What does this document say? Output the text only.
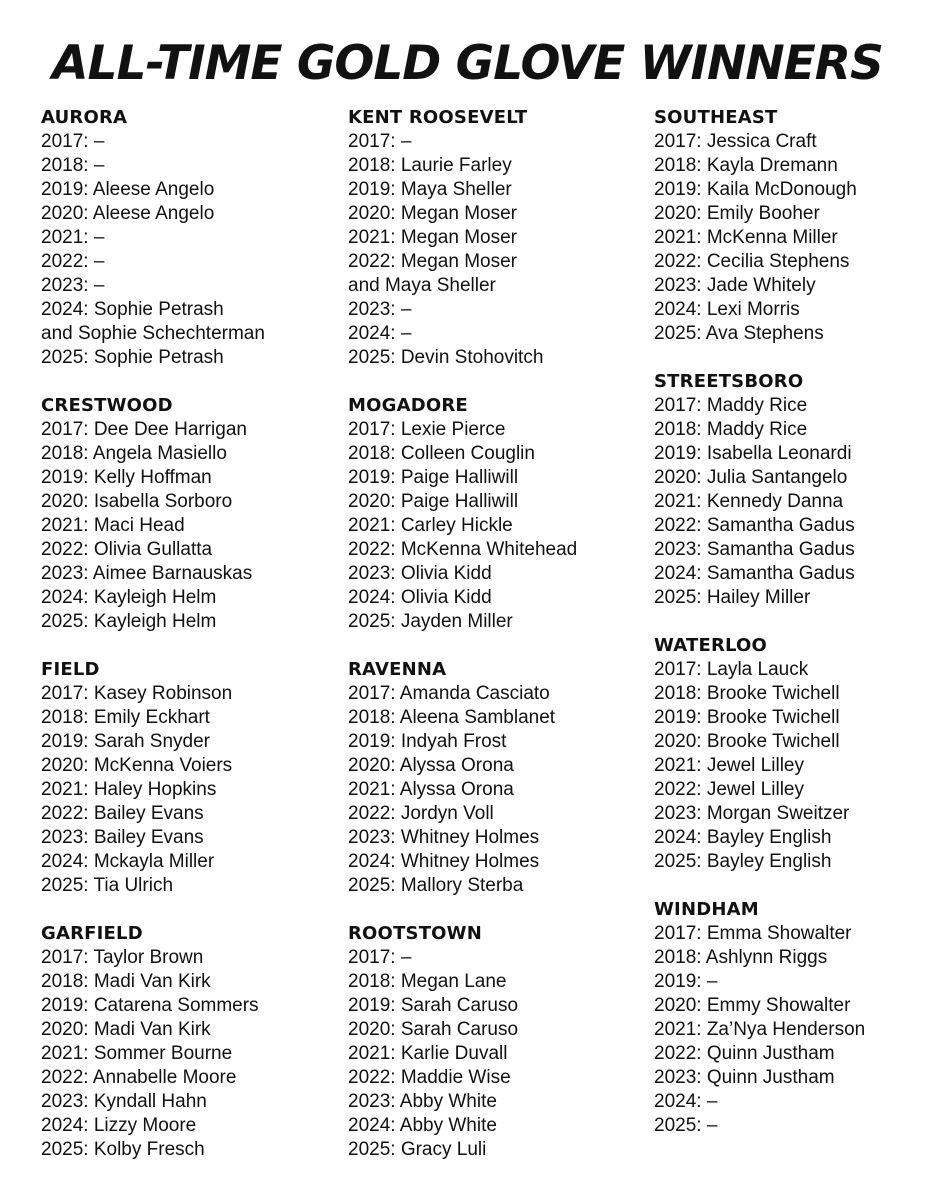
ALL-TIME GOLD GLOVE WINNERS
AURORA
2017: –
2018: –
2019: Aleese Angelo
2020: Aleese Angelo
2021: –
2022: –
2023: –
2024: Sophie Petrash
and Sophie Schechterman
2025: Sophie Petrash
CRESTWOOD
2017: Dee Dee Harrigan
2018: Angela Masiello
2019: Kelly Hoffman
2020: Isabella Sorboro
2021: Maci Head
2022: Olivia Gullatta
2023: Aimee Barnauskas
2024: Kayleigh Helm
2025: Kayleigh Helm
FIELD
2017: Kasey Robinson
2018: Emily Eckhart
2019: Sarah Snyder
2020: McKenna Voiers
2021: Haley Hopkins
2022: Bailey Evans
2023: Bailey Evans
2024: Mckayla Miller
2025: Tia Ulrich
GARFIELD
2017: Taylor Brown
2018: Madi Van Kirk
2019: Catarena Sommers
2020: Madi Van Kirk
2021: Sommer Bourne
2022: Annabelle Moore
2023: Kyndall Hahn
2024: Lizzy Moore
2025: Kolby Fresch
KENT ROOSEVELT
2017: –
2018: Laurie Farley
2019: Maya Sheller
2020: Megan Moser
2021: Megan Moser
2022: Megan Moser
and Maya Sheller
2023: –
2024: –
2025: Devin Stohovitch
MOGADORE
2017: Lexie Pierce
2018: Colleen Couglin
2019: Paige Halliwill
2020: Paige Halliwill
2021: Carley Hickle
2022: McKenna Whitehead
2023: Olivia Kidd
2024: Olivia Kidd
2025: Jayden Miller
RAVENNA
2017: Amanda Casciato
2018: Aleena Samblanet
2019: Indyah Frost
2020: Alyssa Orona
2021: Alyssa Orona
2022: Jordyn Voll
2023: Whitney Holmes
2024: Whitney Holmes
2025: Mallory Sterba
ROOTSTOWN
2017: –
2018: Megan Lane
2019: Sarah Caruso
2020: Sarah Caruso
2021: Karlie Duvall
2022: Maddie Wise
2023: Abby White
2024: Abby White
2025: Gracy Luli
SOUTHEAST
2017: Jessica Craft
2018: Kayla Dremann
2019: Kaila McDonough
2020: Emily Booher
2021: McKenna Miller
2022: Cecilia Stephens
2023: Jade Whitely
2024: Lexi Morris
2025: Ava Stephens
STREETSBORO
2017: Maddy Rice
2018: Maddy Rice
2019: Isabella Leonardi
2020: Julia Santangelo
2021: Kennedy Danna
2022: Samantha Gadus
2023: Samantha Gadus
2024: Samantha Gadus
2025: Hailey Miller
WATERLOO
2017: Layla Lauck
2018: Brooke Twichell
2019: Brooke Twichell
2020: Brooke Twichell
2021: Jewel Lilley
2022: Jewel Lilley
2023: Morgan Sweitzer
2024: Bayley English
2025: Bayley English
WINDHAM
2017: Emma Showalter
2018: Ashlynn Riggs
2019: –
2020: Emmy Showalter
2021: Za’Nya Henderson
2022: Quinn Justham
2023: Quinn Justham
2024: –
2025: –
